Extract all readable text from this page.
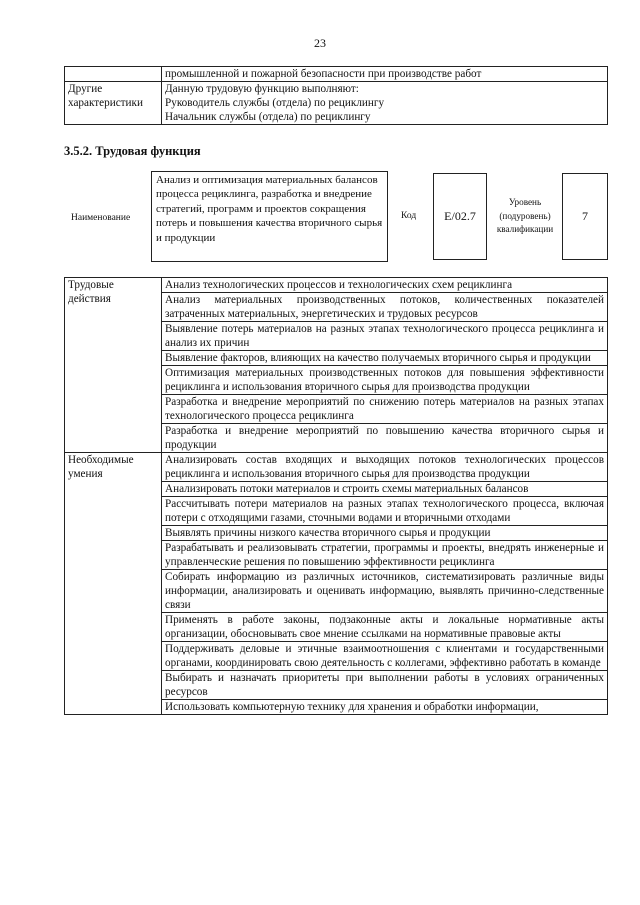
23
	промышленной и пожарной безопасности при производстве работ
Другие характеристики	Данную трудовую функцию выполняют:
Руководитель службы (отдела) по рециклингу
Начальник службы (отдела) по рециклингу
3.5.2. Трудовая функция
Наименование
Анализ и оптимизация материальных балансов процесса рециклинга, разработка и внедрение стратегий, программ и проектов сокращения потерь и повышения качества вторичного сырья и продукции
Код	Е/02.7
Уровень (подуровень) квалификации
7
Трудовые действия	Анализ технологических процессов и технологических схем рециклинга
	Анализ материальных производственных потоков, количественных показателей затраченных материальных, энергетических и трудовых ресурсов
	Выявление потерь материалов на разных этапах технологического процесса рециклинга и анализ их причин
	Выявление факторов, влияющих на качество получаемых вторичного сырья и продукции
	Оптимизация материальных производственных потоков для повышения эффективности рециклинга и использования вторичного сырья для производства продукции
	Разработка и внедрение мероприятий по снижению потерь материалов на разных этапах технологического процесса рециклинга
	Разработка и внедрение мероприятий по повышению качества вторичного сырья и продукции
Необходимые умения	Анализировать состав входящих и выходящих потоков технологических процессов рециклинга и использования вторичного сырья для производства продукции
	Анализировать потоки материалов и строить схемы материальных балансов
	Рассчитывать потери материалов на разных этапах технологического процесса, включая потери с отходящими газами, сточными водами и вторичными отходами
	Выявлять причины низкого качества вторичного сырья и продукции
	Разрабатывать и реализовывать стратегии, программы и проекты, внедрять инженерные и управленческие решения по повышению эффективности рециклинга
	Собирать информацию из различных источников, систематизировать различные виды информации, анализировать и оценивать информацию, выявлять причинно-следственные связи
	Применять в работе законы, подзаконные акты и локальные нормативные акты организации, обосновывать свое мнение ссылками на нормативные правовые акты
	Поддерживать деловые и этичные взаимоотношения с клиентами и государственными органами, координировать свою деятельность с коллегами, эффективно работать в команде
	Выбирать и назначать приоритеты при выполнении работы в условиях ограниченных ресурсов
	Использовать компьютерную технику для хранения и обработки информации,
